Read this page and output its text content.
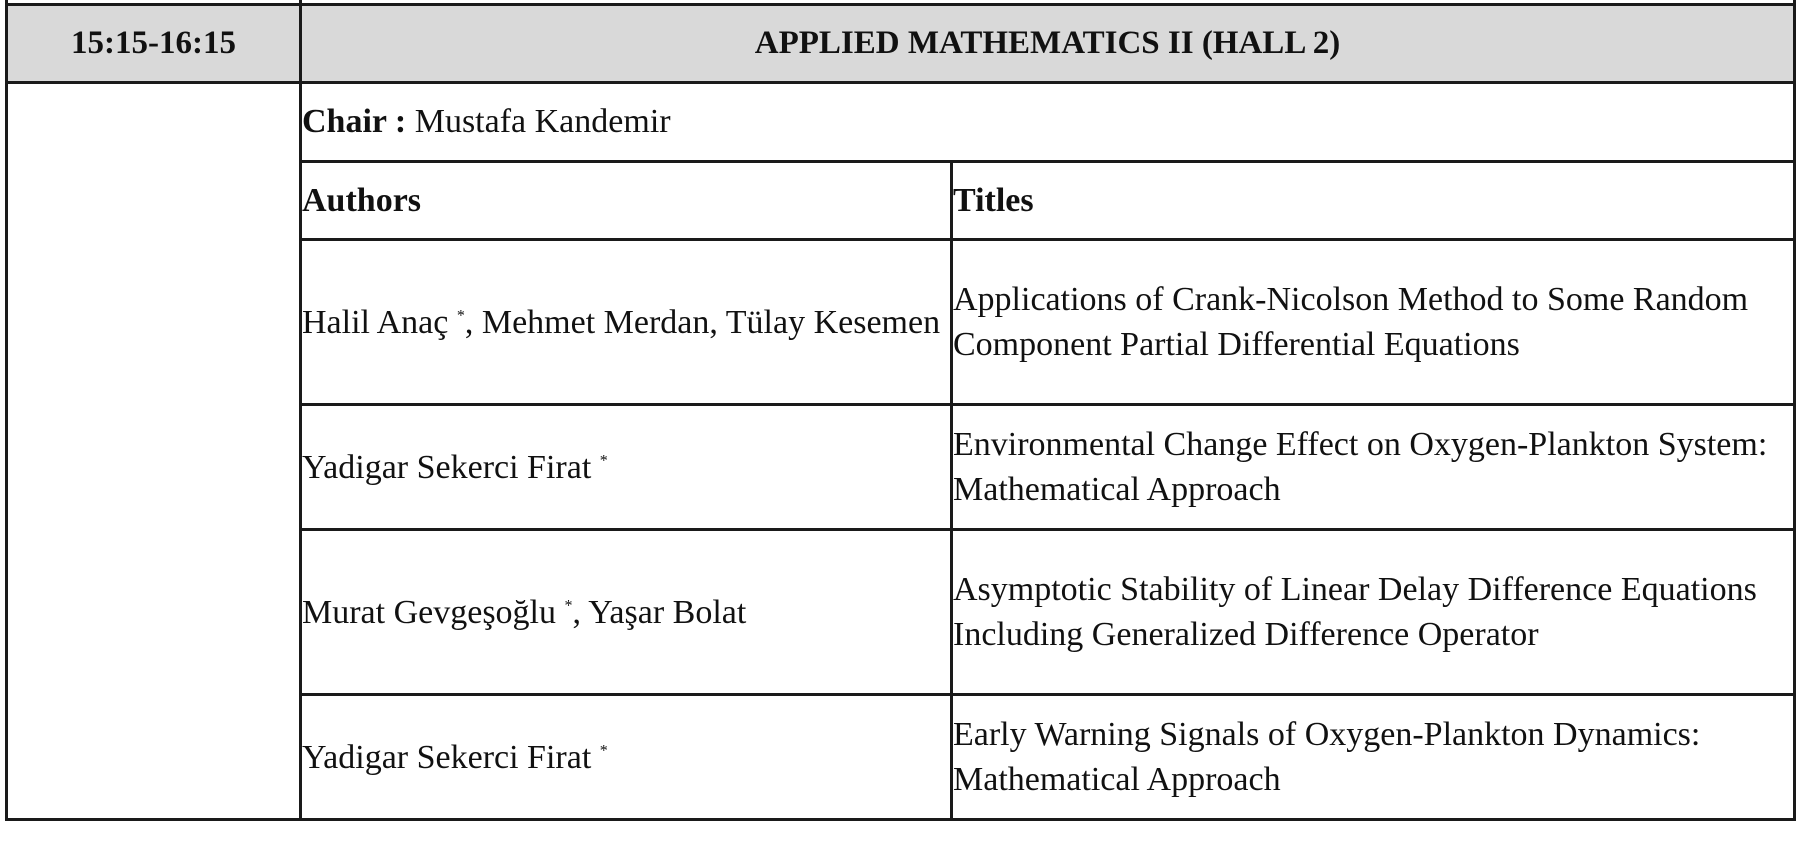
15:15-16:15	APPLIED MATHEMATICS II (HALL 2)	
	Chair : Mustafa Kandemir	
	Authors	Titles
	Halil Anaç *, Mehmet Merdan, Tülay Kesemen	Applications of Crank-Nicolson Method to Some Random Component Partial Differential Equations
	Yadigar Sekerci Firat *	Environmental Change Effect on Oxygen-Plankton System: Mathematical Approach
	Murat Gevgeşoğlu *, Yaşar Bolat	Asymptotic Stability of Linear Delay Difference Equations Including Generalized Difference Operator
	Yadigar Sekerci Firat *	Early Warning Signals of Oxygen-Plankton Dynamics: Mathematical Approach
